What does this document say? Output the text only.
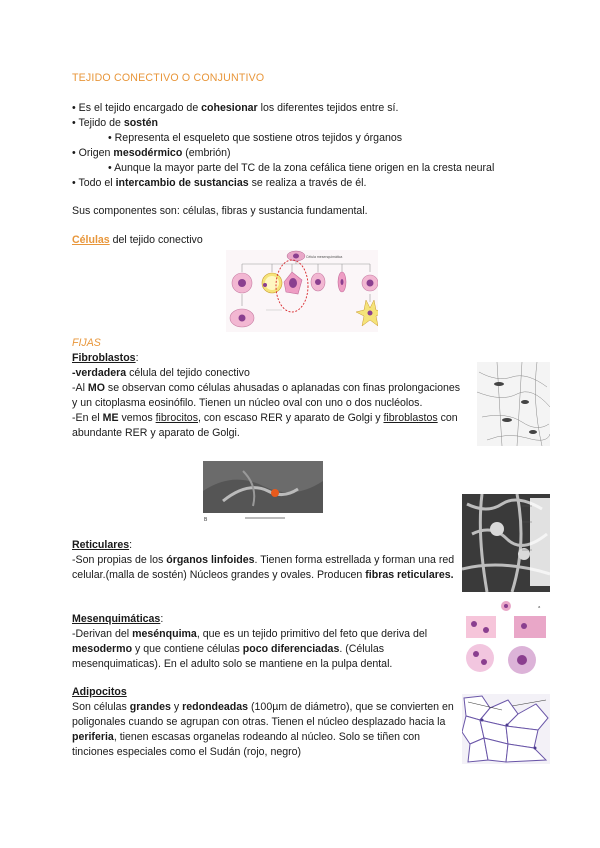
TEJIDO CONECTIVO O CONJUNTIVO
• Es el tejido encargado de cohesionar los diferentes tejidos entre sí.
• Tejido de sostén
• Representa el esqueleto que sostiene otros tejidos y órganos
• Origen mesodérmico (embrión)
• Aunque la mayor parte del TC de la zona cefálica tiene origen en la cresta neural
• Todo el intercambio de sustancias se realiza a través de él.
Sus componentes son: células, fibras y sustancia fundamental.
Células del tejido conectivo
Célula mesenquimática
FIJAS
Fibroblastos:
-verdadera célula del tejido conectivo
-Al MO se observan como células ahusadas o aplanadas con finas prolongaciones y un citoplasma eosinófilo. Tienen un núcleo oval con uno o dos nucléolos.
-En el ME vemos fibrocitos, con escaso RER y aparato de Golgi y fibroblastos con abundante RER y aparato de Golgi.
B
Reticulares:
-Son propias de los órganos linfoides. Tienen forma estrellada y forman una red celular.(malla de sostén) Núcleos grandes y ovales. Producen fibras reticulares.
a
Mesenquimáticas:
-Derivan del mesénquima, que es un tejido primitivo del feto que deriva del mesodermo y que contiene células poco diferenciadas. (Células mesenquimaticas). En el adulto solo se mantiene en la pulpa dental.
Adipocitos
Son células grandes y redondeadas (100µm de diámetro), que se convierten en poligonales cuando se agrupan con otras. Tienen el núcleo desplazado hacia la periferia, tienen escasas organelas rodeando al núcleo. Solo se tiñen con tinciones especiales como el Sudán (rojo, negro)
